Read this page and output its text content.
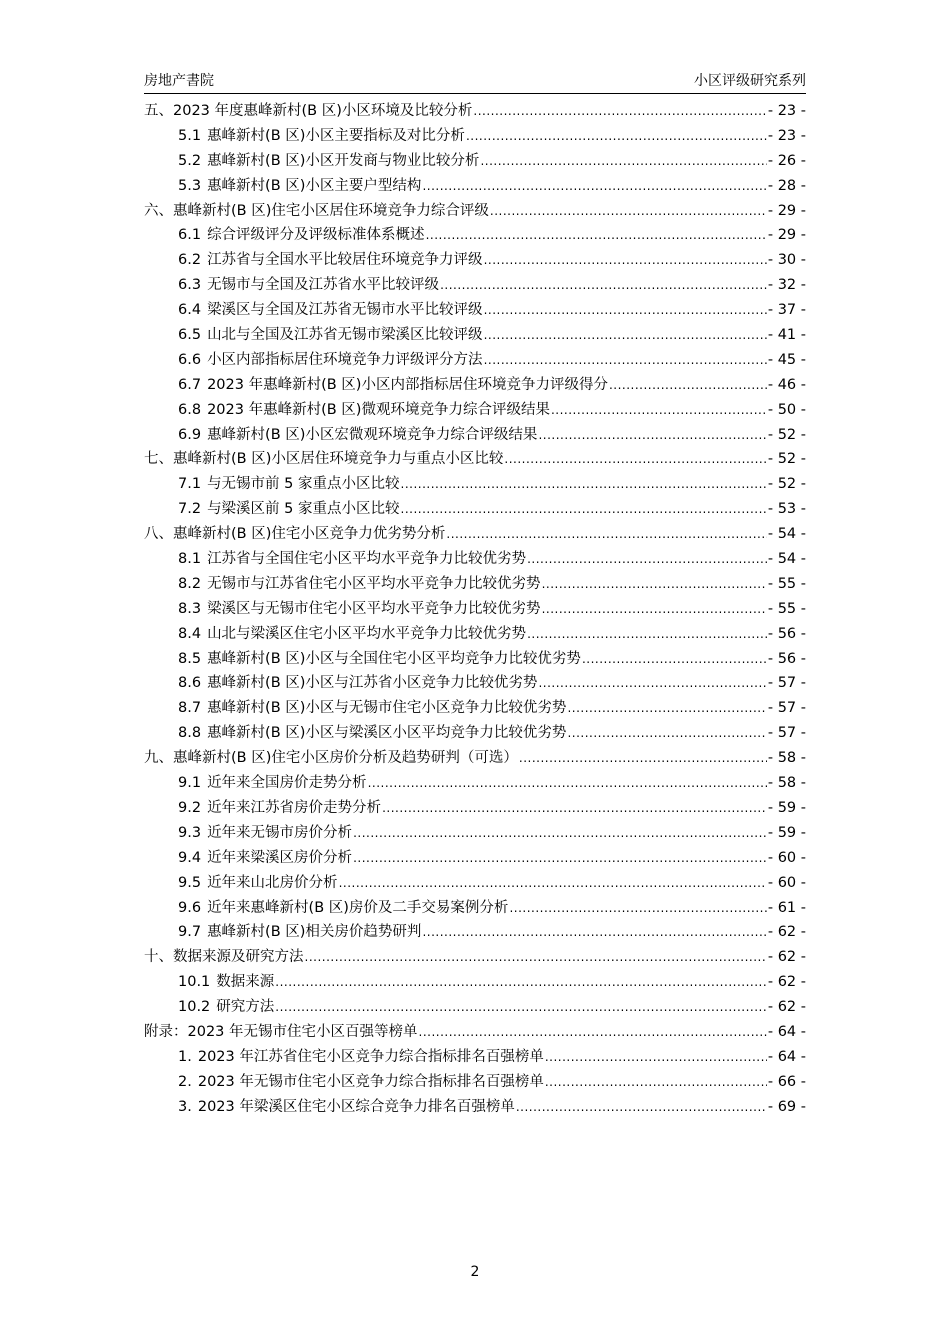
房地产書院	小区评级研究系列
五、2023 年度惠峰新村(B 区)小区环境及比较分析 .....	- 23 -
5.1 惠峰新村(B 区)小区主要指标及对比分析 .....	- 23 -
5.2 惠峰新村(B 区)小区开发商与物业比较分析 .....	- 26 -
5.3 惠峰新村(B 区)小区主要户型结构 .....	- 28 -
六、惠峰新村(B 区)住宅小区居住环境竞争力综合评级 .....	- 29 -
6.1 综合评级评分及评级标准体系概述 .....	- 29 -
6.2 江苏省与全国水平比较居住环境竞争力评级 .....	- 30 -
6.3 无锡市与全国及江苏省水平比较评级 .....	- 32 -
6.4 梁溪区与全国及江苏省无锡市水平比较评级 .....	- 37 -
6.5 山北与全国及江苏省无锡市梁溪区比较评级 .....	- 41 -
6.6 小区内部指标居住环境竞争力评级评分方法 .....	- 45 -
6.7 2023 年惠峰新村(B 区)小区内部指标居住环境竞争力评级得分 .....	- 46 -
6.8 2023 年惠峰新村(B 区)微观环境竞争力综合评级结果 .....	- 50 -
6.9 惠峰新村(B 区)小区宏微观环境竞争力综合评级结果 .....	- 52 -
七、惠峰新村(B 区)小区居住环境竞争力与重点小区比较 .....	- 52 -
7.1 与无锡市前 5 家重点小区比较 .....	- 52 -
7.2 与梁溪区前 5 家重点小区比较 .....	- 53 -
八、惠峰新村(B 区)住宅小区竞争力优劣势分析 .....	- 54 -
8.1 江苏省与全国住宅小区平均水平竞争力比较优劣势 .....	- 54 -
8.2 无锡市与江苏省住宅小区平均水平竞争力比较优劣势 .....	- 55 -
8.3 梁溪区与无锡市住宅小区平均水平竞争力比较优劣势 .....	- 55 -
8.4 山北与梁溪区住宅小区平均水平竞争力比较优劣势 .....	- 56 -
8.5 惠峰新村(B 区)小区与全国住宅小区平均竞争力比较优劣势 .....	- 56 -
8.6 惠峰新村(B 区)小区与江苏省小区竞争力比较优劣势 .....	- 57 -
8.7 惠峰新村(B 区)小区与无锡市住宅小区竞争力比较优劣势 .....	- 57 -
8.8 惠峰新村(B 区)小区与梁溪区小区平均竞争力比较优劣势 .....	- 57 -
九、惠峰新村(B 区)住宅小区房价分析及趋势研判（可选） .....	- 58 -
9.1 近年来全国房价走势分析 .....	- 58 -
9.2 近年来江苏省房价走势分析 .....	- 59 -
9.3 近年来无锡市房价分析 .....	- 59 -
9.4 近年来梁溪区房价分析 .....	- 60 -
9.5 近年来山北房价分析 .....	- 60 -
9.6 近年来惠峰新村(B 区)房价及二手交易案例分析 .....	- 61 -
9.7 惠峰新村(B 区)相关房价趋势研判 .....	- 62 -
十、数据来源及研究方法 .....	- 62 -
10.1 数据来源 .....	- 62 -
10.2 研究方法 .....	- 62 -
附录：2023 年无锡市住宅小区百强等榜单 .....	- 64 -
1. 2023 年江苏省住宅小区竞争力综合指标排名百强榜单 .....	- 64 -
2. 2023 年无锡市住宅小区竞争力综合指标排名百强榜单 .....	- 66 -
3. 2023 年梁溪区住宅小区综合竞争力排名百强榜单 .....	- 69 -
2
